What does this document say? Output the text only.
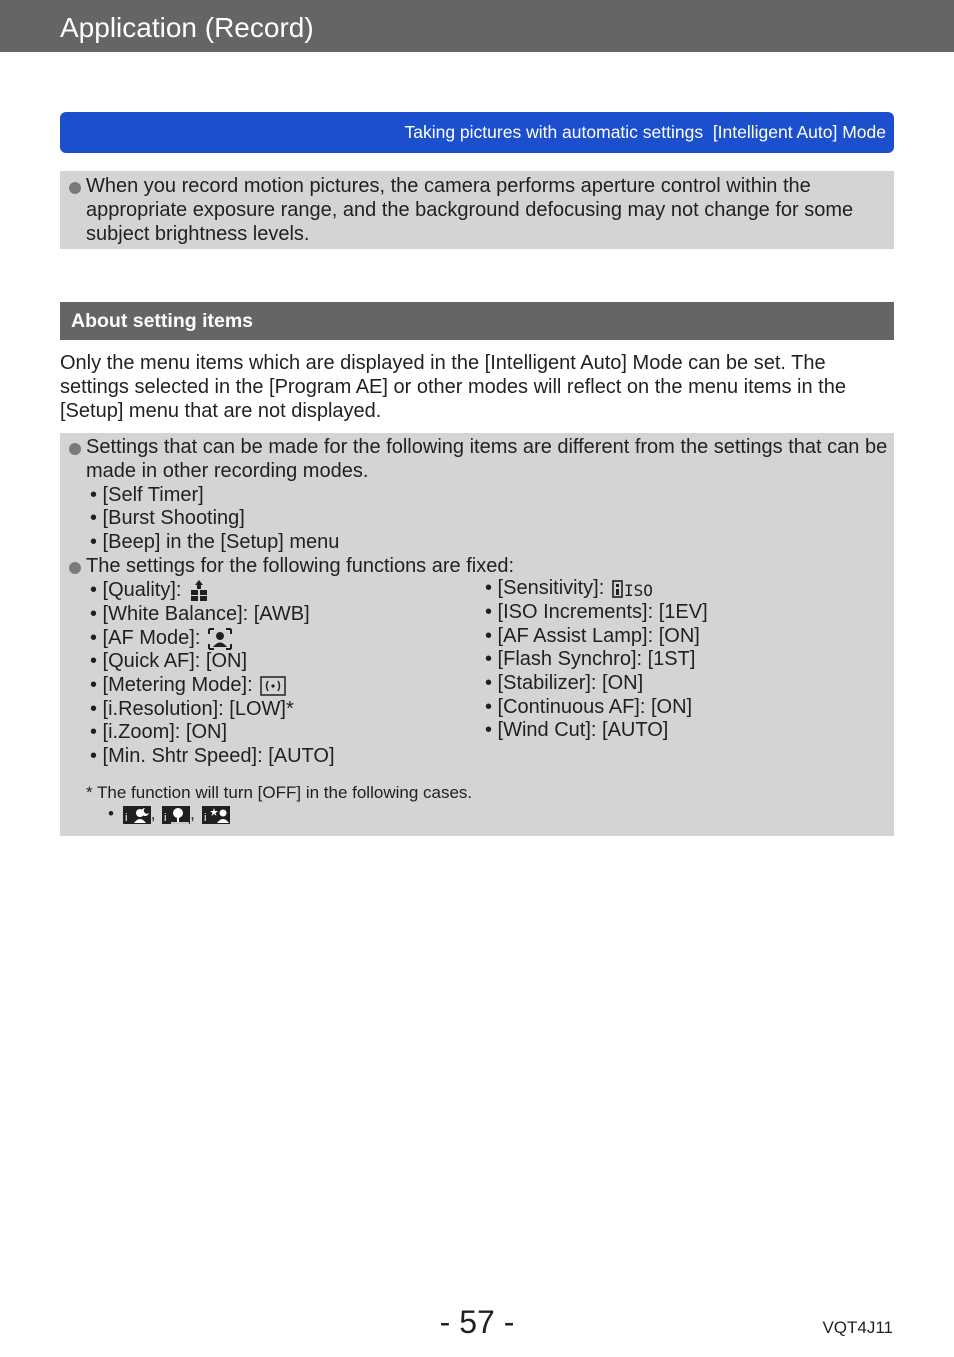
Application (Record)
Taking pictures with automatic settings  [Intelligent Auto] Mode
When you record motion pictures, the camera performs aperture control within the appropriate exposure range, and the background defocusing may not change for some subject brightness levels.
About setting items
Only the menu items which are displayed in the [Intelligent Auto] Mode can be set. The settings selected in the [Program AE] or other modes will reflect on the menu items in the [Setup] menu that are not displayed.
Settings that can be made for the following items are different from the settings that can be made in other recording modes.
• [Self Timer]
• [Burst Shooting]
• [Beep] in the [Setup] menu
The settings for the following functions are fixed:
• [Quality]:
• [White Balance]: [AWB]
• [AF Mode]:
• [Quick AF]: [ON]
• [Metering Mode]:
• [i.Resolution]: [LOW]*
• [i.Zoom]: [ON]
• [Min. Shtr Speed]: [AUTO]
• [Sensitivity]: ISO
• [ISO Increments]: [1EV]
• [AF Assist Lamp]: [ON]
• [Flash Synchro]: [1ST]
• [Stabilizer]: [ON]
• [Continuous AF]: [ON]
• [Wind Cut]: [AUTO]
* The function will turn [OFF] in the following cases.
• i , i , i
- 57 -	VQT4J11
